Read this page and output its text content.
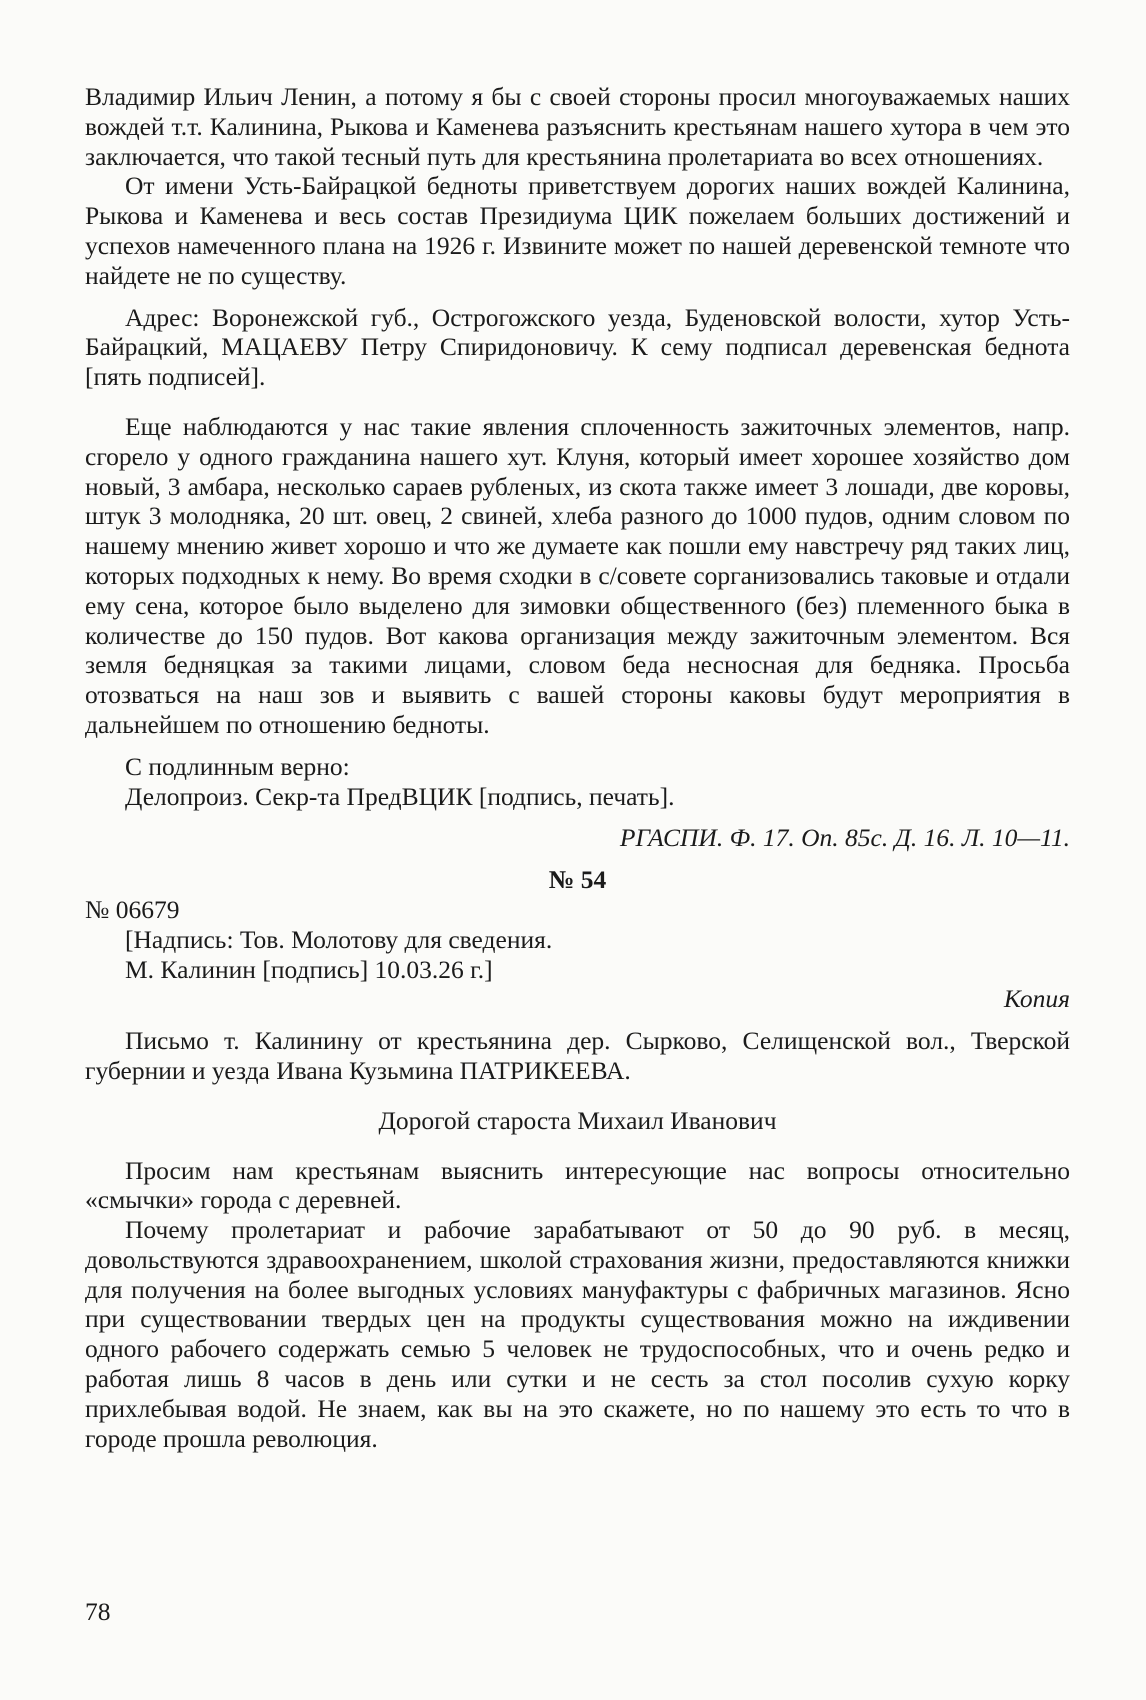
Владимир Ильич Ленин, а потому я бы с своей стороны просил многоуважаемых наших вождей т.т. Калинина, Рыкова и Каменева разъяснить крестьянам нашего хутора в чем это заключается, что такой тесный путь для крестьянина пролетариата во всех отношениях.

От имени Усть-Байрацкой бедноты приветствуем дорогих наших вождей Калинина, Рыкова и Каменева и весь состав Президиума ЦИК пожелаем больших достижений и успехов намеченного плана на 1926 г. Извините может по нашей деревенской темноте что найдете не по существу.

Адрес: Воронежской губ., Острогожского уезда, Буденовской волости, хутор Усть-Байрацкий, МАЦАЕВУ Петру Спиридоновичу. К сему подписал деревенская беднота [пять подписей].

Еще наблюдаются у нас такие явления сплоченность зажиточных элементов, напр. сгорело у одного гражданина нашего хут. Клуня, который имеет хорошее хозяйство дом новый, 3 амбара, несколько сараев рубленых, из скота также имеет 3 лошади, две коровы, штук 3 молодняка, 20 шт. овец, 2 свиней, хлеба разного до 1000 пудов, одним словом по нашему мнению живет хорошо и что же думаете как пошли ему навстречу ряд таких лиц, которых подходных к нему. Во время сходки в с/совете сорганизовались таковые и отдали ему сена, которое было выделено для зимовки общественного (без) племенного быка в количестве до 150 пудов. Вот какова организация между зажиточным элементом. Вся земля бедняцкая за такими лицами, словом беда несносная для бедняка. Просьба отозваться на наш зов и выявить с вашей стороны каковы будут мероприятия в дальнейшем по отношению бедноты.

С подлинным верно:

Делопроиз. Секр-та ПредВЦИК [подпись, печать].

РГАСПИ. Ф. 17. Оп. 85с. Д. 16. Л. 10—11.

№ 54

№ 06679

[Надпись: Тов. Молотову для сведения.

М. Калинин [подпись] 10.03.26 г.]

Копия

Письмо т. Калинину от крестьянина дер. Сырково, Селищенской вол., Тверской губернии и уезда Ивана Кузьмина ПАТРИКЕЕВА.

Дорогой староста Михаил Иванович

Просим нам крестьянам выяснить интересующие нас вопросы относительно «смычки» города с деревней.

Почему пролетариат и рабочие зарабатывают от 50 до 90 руб. в месяц, довольствуются здравоохранением, школой страхования жизни, предоставляются книжки для получения на более выгодных условиях мануфактуры с фабричных магазинов. Ясно при существовании твердых цен на продукты существования можно на иждивении одного рабочего содержать семью 5 человек не трудоспособных, что и очень редко и работая лишь 8 часов в день или сутки и не сесть за стол посолив сухую корку прихлебывая водой. Не знаем, как вы на это скажете, но по нашему это есть то что в городе прошла революция.

78
